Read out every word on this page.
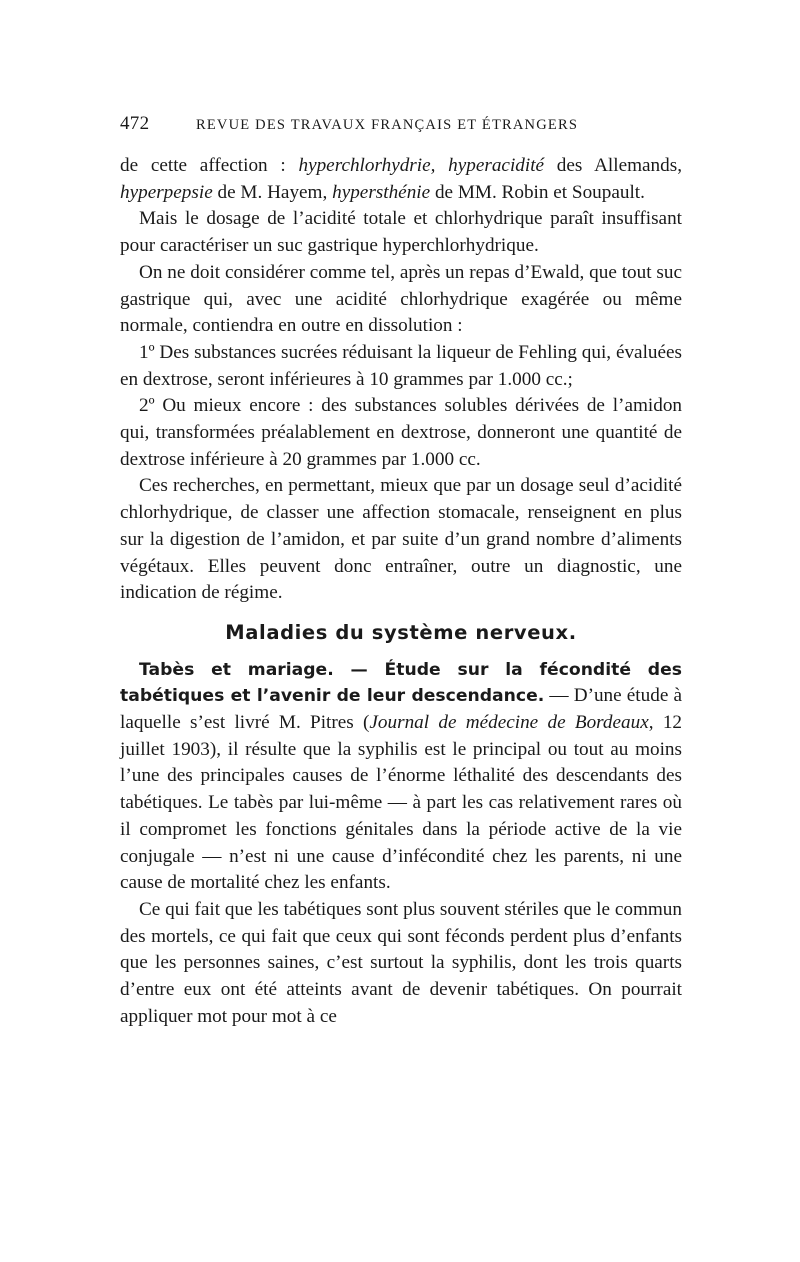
472	REVUE DES TRAVAUX FRANÇAIS ET ÉTRANGERS

de cette affection : hyperchlorhydrie, hyperacidité des Allemands, hyperpepsie de M. Hayem, hypersthénie de MM. Robin et Soupault.

Mais le dosage de l’acidité totale et chlorhydrique paraît insuffisant pour caractériser un suc gastrique hyperchlorhydrique.

On ne doit considérer comme tel, après un repas d’Ewald, que tout suc gastrique qui, avec une acidité chlorhydrique exagérée ou même normale, contiendra en outre en dissolution :

1º Des substances sucrées réduisant la liqueur de Fehling qui, évaluées en dextrose, seront inférieures à 10 grammes par 1.000 cc.;

2º Ou mieux encore : des substances solubles dérivées de l’amidon qui, transformées préalablement en dextrose, donneront une quantité de dextrose inférieure à 20 grammes par 1.000 cc.

Ces recherches, en permettant, mieux que par un dosage seul d’acidité chlorhydrique, de classer une affection stomacale, renseignent en plus sur la digestion de l’amidon, et par suite d’un grand nombre d’aliments végétaux. Elles peuvent donc entraîner, outre un diagnostic, une indication de régime.

Maladies du système nerveux.

Tabès et mariage. — Étude sur la fécondité des tabétiques et l’avenir de leur descendance. — D’une étude à laquelle s’est livré M. Pitres (Journal de médecine de Bordeaux, 12 juillet 1903), il résulte que la syphilis est le principal ou tout au moins l’une des principales causes de l’énorme léthalité des descendants des tabétiques. Le tabès par lui-même — à part les cas relativement rares où il compromet les fonctions génitales dans la période active de la vie conjugale — n’est ni une cause d’infécondité chez les parents, ni une cause de mortalité chez les enfants.

Ce qui fait que les tabétiques sont plus souvent stériles que le commun des mortels, ce qui fait que ceux qui sont féconds perdent plus d’enfants que les personnes saines, c’est surtout la syphilis, dont les trois quarts d’entre eux ont été atteints avant de devenir tabétiques. On pourrait appliquer mot pour mot à ce
